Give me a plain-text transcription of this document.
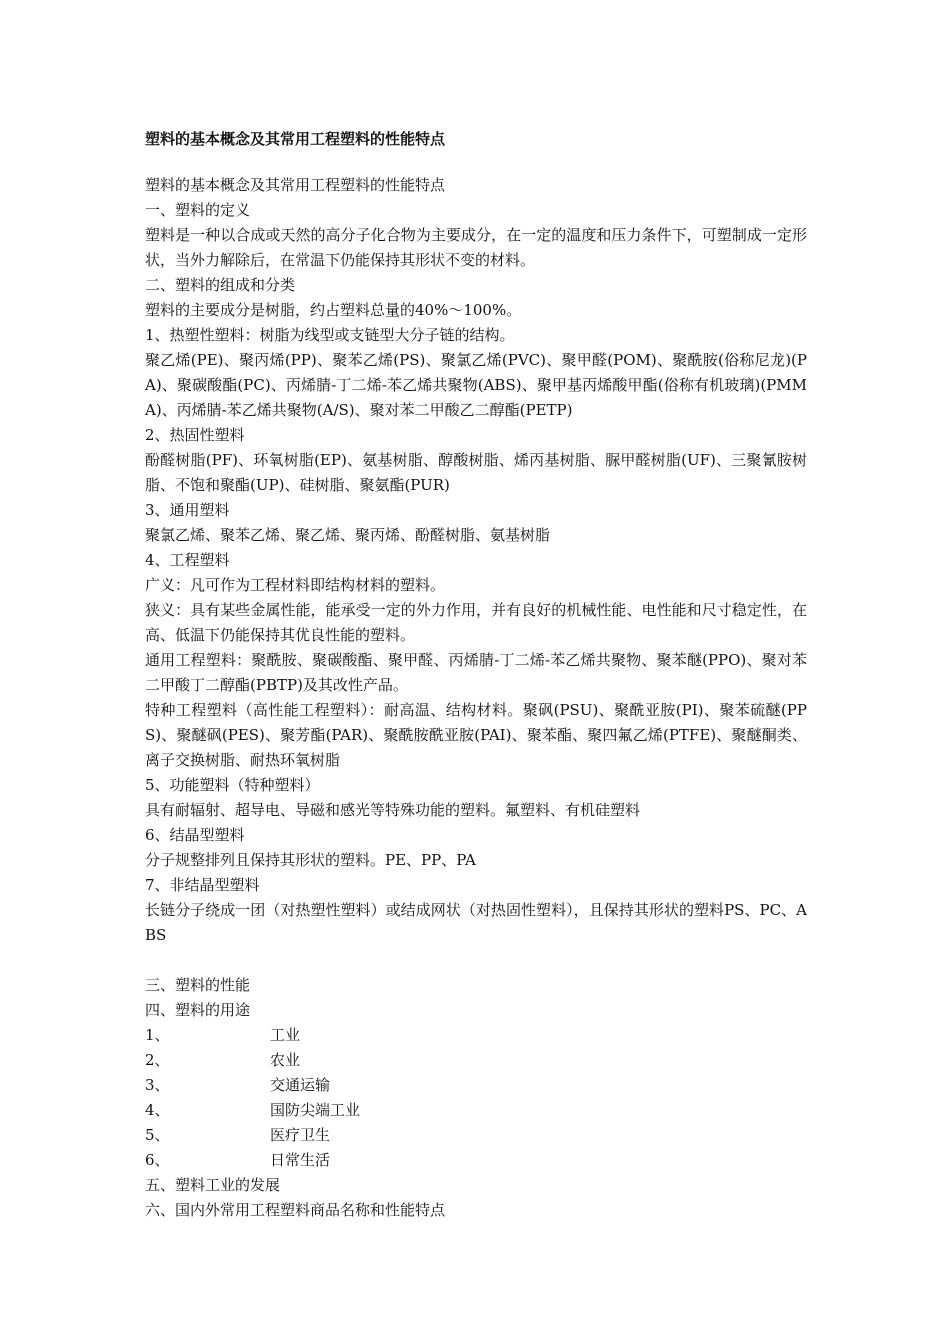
塑料的基本概念及其常用工程塑料的性能特点

塑料的基本概念及其常用工程塑料的性能特点

一、塑料的定义

塑料是一种以合成或天然的高分子化合物为主要成分，在一定的温度和压力条件下，可塑制成一定形状，当外力解除后，在常温下仍能保持其形状不变的材料。

二、塑料的组成和分类

塑料的主要成分是树脂，约占塑料总量的40%～100%。

1、热塑性塑料：树脂为线型或支链型大分子链的结构。

聚乙烯(PE)、聚丙烯(PP)、聚苯乙烯(PS)、聚氯乙烯(PVC)、聚甲醛(POM)、聚酰胺(俗称尼龙)(PA)、聚碳酸酯(PC)、丙烯腈-丁二烯-苯乙烯共聚物(ABS)、聚甲基丙烯酸甲酯(俗称有机玻璃)(PMMA)、丙烯腈-苯乙烯共聚物(A/S)、聚对苯二甲酸乙二醇酯(PETP)

2、热固性塑料

酚醛树脂(PF)、环氧树脂(EP)、氨基树脂、醇酸树脂、烯丙基树脂、脲甲醛树脂(UF)、三聚氰胺树脂、不饱和聚酯(UP)、硅树脂、聚氨酯(PUR)

3、通用塑料

聚氯乙烯、聚苯乙烯、聚乙烯、聚丙烯、酚醛树脂、氨基树脂

4、工程塑料

广义：凡可作为工程材料即结构材料的塑料。

狭义：具有某些金属性能，能承受一定的外力作用，并有良好的机械性能、电性能和尺寸稳定性，在高、低温下仍能保持其优良性能的塑料。

通用工程塑料：聚酰胺、聚碳酸酯、聚甲醛、丙烯腈-丁二烯-苯乙烯共聚物、聚苯醚(PPO)、聚对苯二甲酸丁二醇酯(PBTP)及其改性产品。

特种工程塑料（高性能工程塑料）：耐高温、结构材料。聚砜(PSU)、聚酰亚胺(PI)、聚苯硫醚(PPS)、聚醚砜(PES)、聚芳酯(PAR)、聚酰胺酰亚胺(PAI)、聚苯酯、聚四氟乙烯(PTFE)、聚醚酮类、离子交换树脂、耐热环氧树脂

5、功能塑料（特种塑料）

具有耐辐射、超导电、导磁和感光等特殊功能的塑料。氟塑料、有机硅塑料

6、结晶型塑料

分子规整排列且保持其形状的塑料。PE、PP、PA

7、非结晶型塑料

长链分子绕成一团（对热塑性塑料）或结成网状（对热固性塑料），且保持其形状的塑料PS、PC、ABS

三、塑料的性能

四、塑料的用途

1、	工业
2、	农业
3、	交通运输
4、	国防尖端工业
5、	医疗卫生
6、	日常生活

五、塑料工业的发展

六、国内外常用工程塑料商品名称和性能特点
